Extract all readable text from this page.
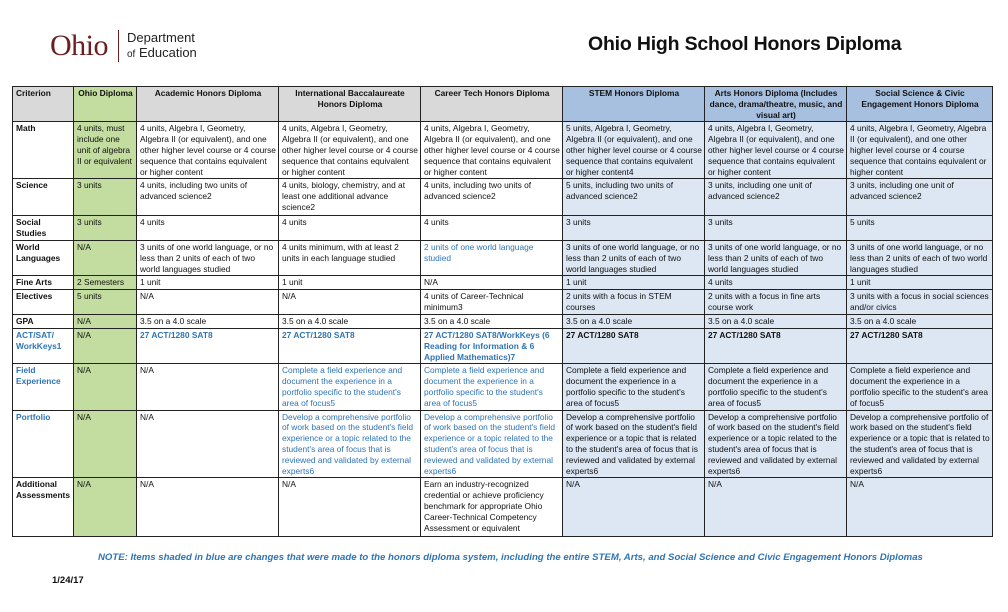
Ohio Department
of Education	Ohio High School Honors Diploma
Criterion	Ohio Diploma	Academic Honors Diploma	International Baccalaureate Honors Diploma	Career Tech Honors Diploma	STEM Honors Diploma	Arts Honors Diploma (Includes dance, drama/theatre, music, and visual art)	Social Science & Civic Engagement Honors Diploma
Math	4 units, must include one unit of algebra II or equivalent	4 units, Algebra I, Geometry, Algebra II (or equivalent), and one other higher level course or 4 course sequence that contains equivalent or higher content	4 units, Algebra I, Geometry, Algebra II (or equivalent), and one other higher level course or 4 course sequence that contains equivalent or higher content	4 units, Algebra I, Geometry, Algebra II (or equivalent), and one other higher level course or 4 course sequence that contains equivalent or higher content	5 units, Algebra I, Geometry, Algebra II (or equivalent), and one other higher level course or 4 course sequence that contains equivalent or higher content4	4 units, Algebra I, Geometry, Algebra II (or equivalent), and one other higher level course or 4 course sequence that contains equivalent or higher content	4 units, Algebra I, Geometry, Algebra II (or equivalent), and one other higher level course or 4 course sequence that contains equivalent or higher content
Science	3 units	4 units, including two units of advanced science2	4 units, biology, chemistry, and at least one additional advance science2	4 units, including two units of advanced science2	5 units, including two units of advanced science2	3 units, including one unit of advanced science2	3 units, including one unit of advanced science2
Social Studies	3 units	4 units	4 units	4 units	3 units	3 units	5 units
World Languages	N/A	3 units of one world language, or no less than 2 units of each of two world languages studied	4 units minimum, with at least 2 units in each language studied	2 units of one world language studied	3 units of one world language, or no less than 2 units of each of two world languages studied	3 units of one world language, or no less than 2 units of each of two world languages studied	3 units of one world language, or no less than 2 units of each of two world languages studied
Fine Arts	2 Semesters	1 unit	1 unit	N/A	1 unit	4 units	1 unit
Electives	5 units	N/A	N/A	4 units of Career-Technical minimum3	2 units with a focus in STEM courses	2 units with a focus in fine arts course work	3 units with a focus in social sciences and/or civics
GPA	N/A	3.5 on a 4.0 scale	3.5 on a 4.0 scale	3.5 on a 4.0 scale	3.5 on a 4.0 scale	3.5 on a 4.0 scale	3.5 on a 4.0 scale
ACT/SAT/ WorkKeys1	N/A	27 ACT/1280 SAT8	27 ACT/1280 SAT8	27 ACT/1280 SAT8/WorkKeys (6 Reading for Information & 6 Applied Mathematics)7	27 ACT/1280 SAT8	27 ACT/1280 SAT8	27 ACT/1280 SAT8
Field Experience	N/A	N/A	Complete a field experience and document the experience in a portfolio specific to the student's area of focus5	Complete a field experience and document the experience in a portfolio specific to the student's area of focus5	Complete a field experience and document the experience in a portfolio specific to the student's area of focus5	Complete a field experience and document the experience in a portfolio specific to the student's area of focus5	Complete a field experience and document the experience in a portfolio specific to the student's area of focus5
Portfolio	N/A	N/A	Develop a comprehensive portfolio of work based on the student's field experience or a topic related to the student's area of focus that is reviewed and validated by external experts6	Develop a comprehensive portfolio of work based on the student's field experience or a topic related to the student's area of focus that is reviewed and validated by external experts6	Develop a comprehensive portfolio of work based on the student's field experience or a topic that is related to the student's area of focus that is reviewed and validated by external experts6	Develop a comprehensive portfolio of work based on the student's field experience or a topic related to the student's area of focus that is reviewed and validated by external experts6	Develop a comprehensive portfolio of work based on the student's field experience or a topic that is related to the student's area of focus that is reviewed and validated by external experts6
Additional Assessments	N/A	N/A	N/A	Earn an industry-recognized credential or achieve proficiency benchmark for appropriate Ohio Career-Technical Competency Assessment or equivalent	N/A	N/A	N/A
NOTE: Items shaded in blue are changes that were made to the honors diploma system, including the entire STEM, Arts, and Social Science and Civic Engagement Honors Diplomas
1/24/17
